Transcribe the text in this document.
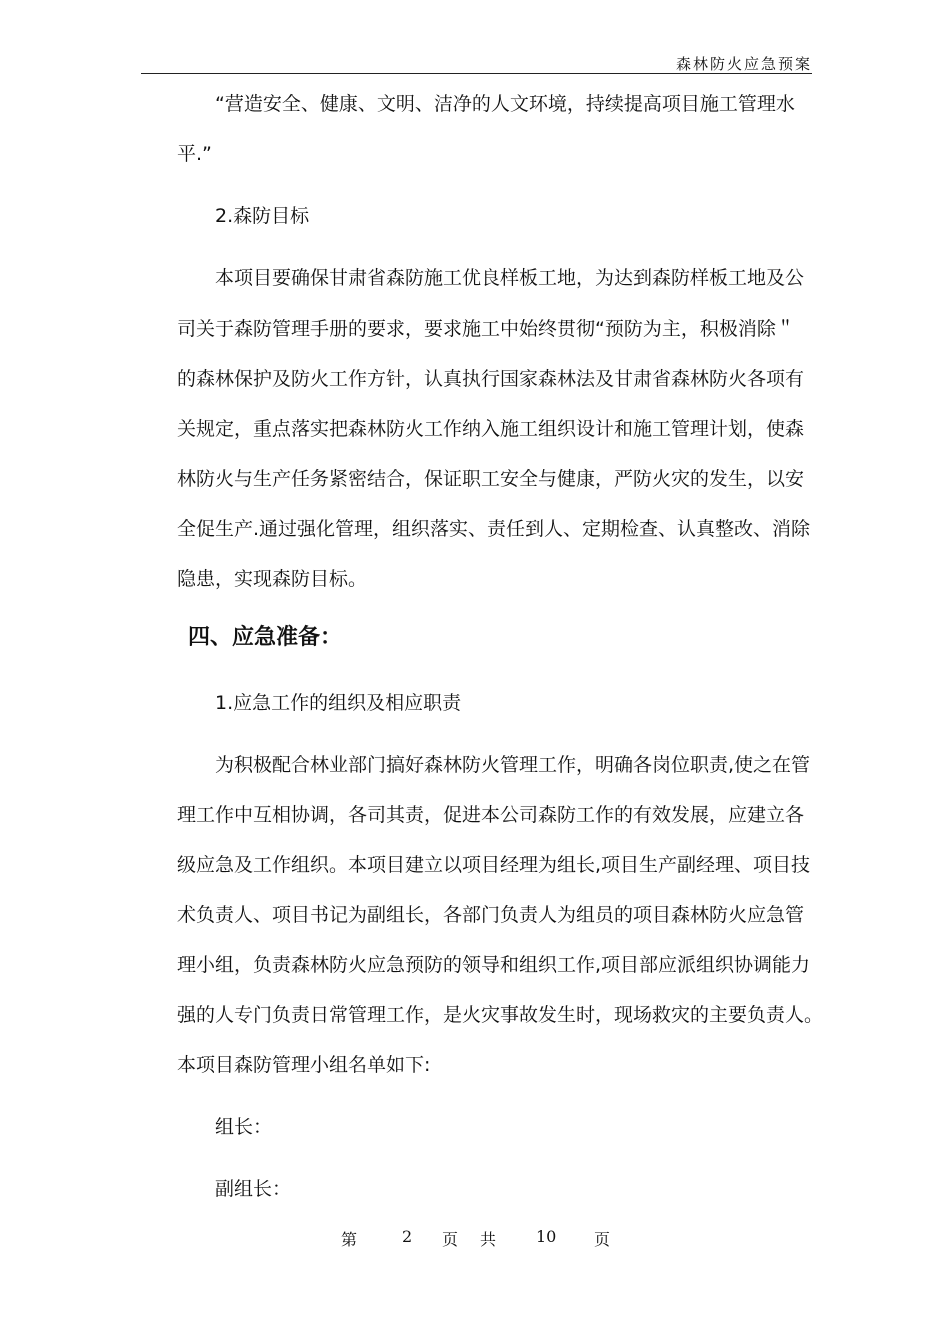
森林防火应急预案
“营造安全、健康、文明、洁净的人文环境，持续提高项目施工管理水
平.”
2.森防目标
本项目要确保甘肃省森防施工优良样板工地，为达到森防样板工地及公
司关于森防管理手册的要求，要求施工中始终贯彻“预防为主，积极消除＂
的森林保护及防火工作方针，认真执行国家森林法及甘肃省森林防火各项有
关规定，重点落实把森林防火工作纳入施工组织设计和施工管理计划，使森
林防火与生产任务紧密结合，保证职工安全与健康，严防火灾的发生，以安
全促生产.通过强化管理，组织落实、责任到人、定期检查、认真整改、消除
隐患，实现森防目标。
四、应急准备：
1.应急工作的组织及相应职责
为积极配合林业部门搞好森林防火管理工作，明确各岗位职责,使之在管
理工作中互相协调，各司其责，促进本公司森防工作的有效发展，应建立各
级应急及工作组织。本项目建立以项目经理为组长,项目生产副经理、项目技
术负责人、项目书记为副组长，各部门负责人为组员的项目森林防火应急管
理小组，负责森林防火应急预防的领导和组织工作,项目部应派组织协调能力
强的人专门负责日常管理工作，是火灾事故发生时，现场救灾的主要负责人。
本项目森防管理小组名单如下:
组长：
副组长：
第	2 页共 10 页
